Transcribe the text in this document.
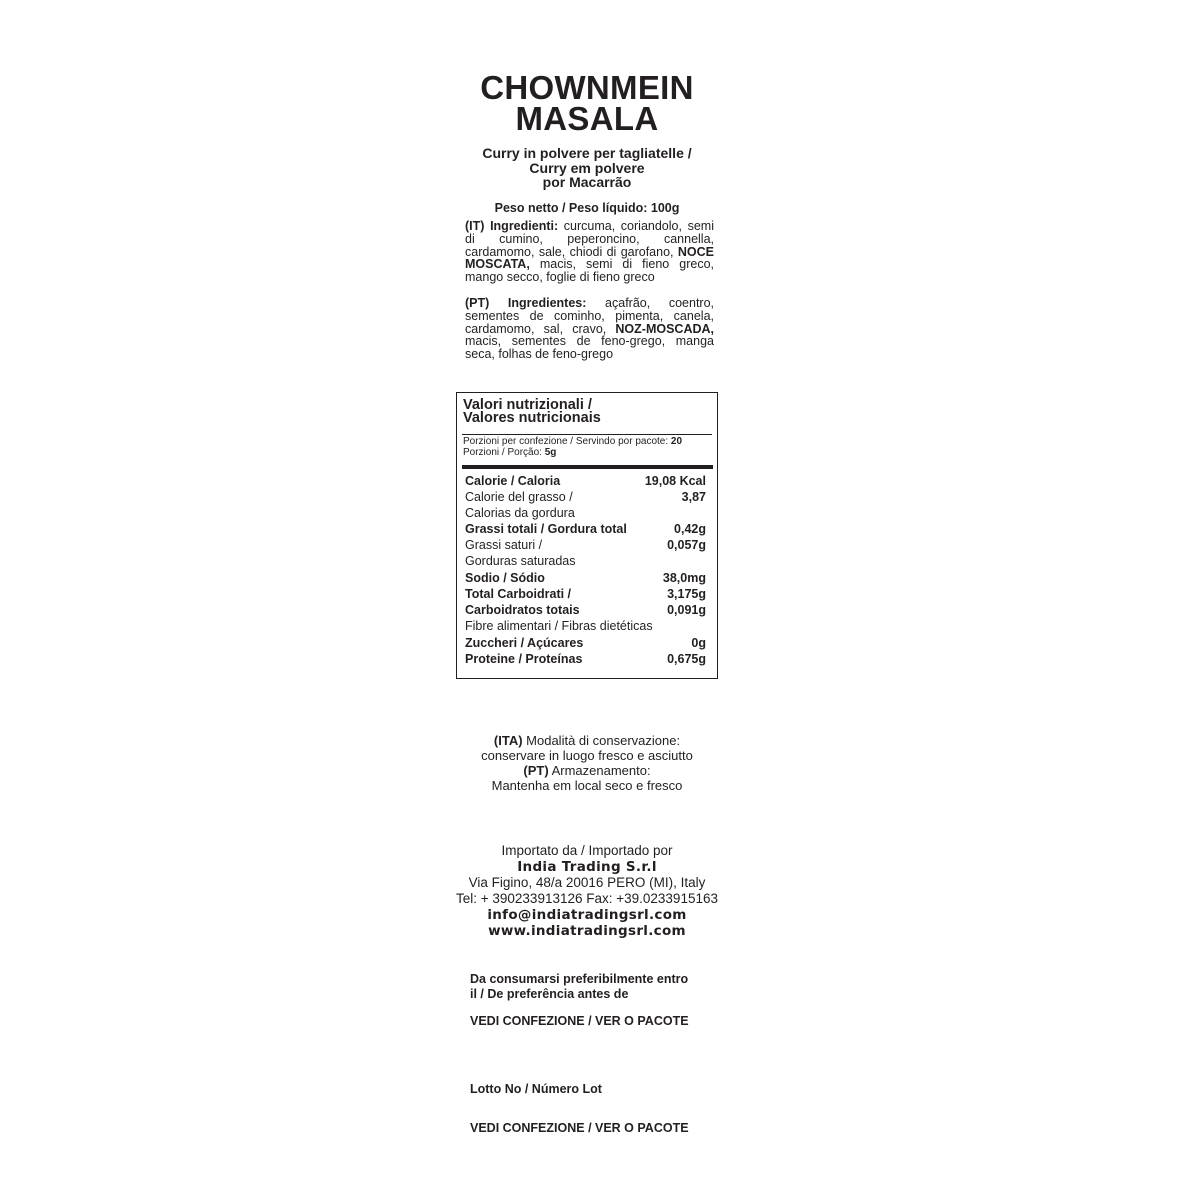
CHOWNMEIN
MASALA
Curry in polvere per tagliatelle /
Curry em polvere
por Macarrão
Peso netto / Peso líquido: 100g

(IT) Ingredienti: curcuma, coriandolo, semi di cumino, peperoncino, cannella, cardamomo, sale, chiodi di garofano, NOCE MOSCATA, macis, semi di fieno greco, mango secco, foglie di fieno greco

(PT) Ingredientes: açafrão, coentro, sementes de cominho, pimenta, canela, cardamomo, sal, cravo, NOZ-MOSCADA, macis, sementes de feno-grego, manga seca, folhas de feno-grego

Valori nutrizionali /
Valores nutricionais
Porzioni per confezione / Servindo por pacote: 20
Porzioni / Porção: 5g
Calorie / Caloria	19,08 Kcal
Calorie del grasso /	3,87
Calorias da gordura
Grassi totali / Gordura total	0,42g
Grassi saturi /	0,057g
Gorduras saturadas
Sodio / Sódio	38,0mg
Total Carboidrati /	3,175g
Carboidratos totais	0,091g
Fibre alimentari / Fibras dietéticas
Zuccheri / Açúcares	0g
Proteine / Proteínas	0,675g
(ITA) Modalità di conservazione:
conservare in luogo fresco e asciutto
(PT) Armazenamento:
Mantenha em local seco e fresco
Importato da / Importado por
India Trading S.r.l
Via Figino, 48/a 20016 PERO (MI), Italy
Tel: + 390233913126 Fax: +39.0233915163
info@indiatradingsrl.com
www.indiatradingsrl.com
Da consumarsi preferibilmente entro
il / De preferência antes de
VEDI CONFEZIONE / VER O PACOTE
Lotto No / Número Lot
VEDI CONFEZIONE / VER O PACOTE
